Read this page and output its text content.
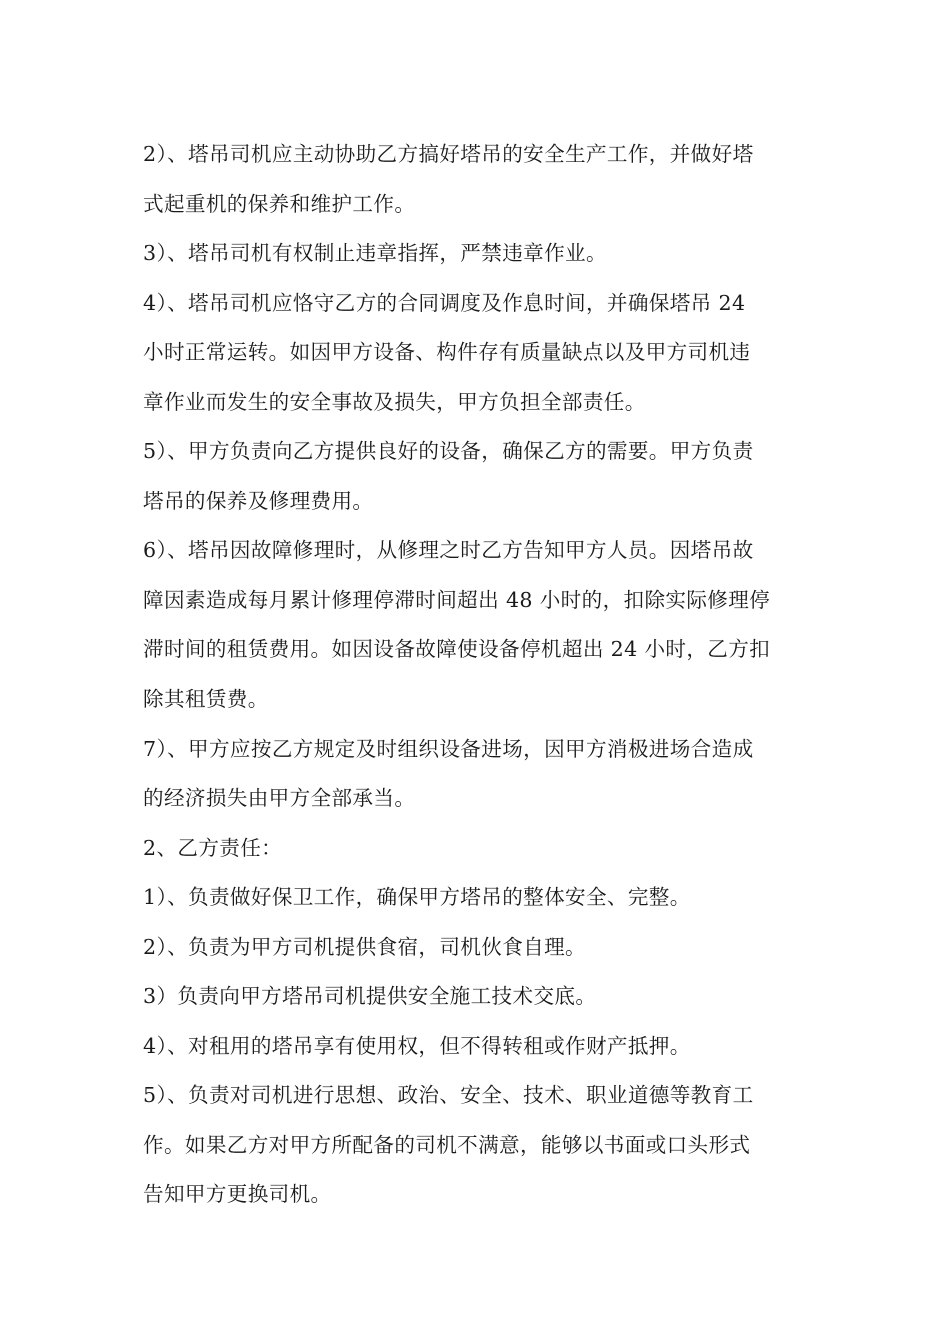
2）、塔吊司机应主动协助乙方搞好塔吊的安全生产工作，并做好塔
式起重机的保养和维护工作。
3）、塔吊司机有权制止违章指挥，严禁违章作业。
4）、塔吊司机应恪守乙方的合同调度及作息时间，并确保塔吊 24
小时正常运转。如因甲方设备、构件存有质量缺点以及甲方司机违
章作业而发生的安全事故及损失，甲方负担全部责任。
5）、甲方负责向乙方提供良好的设备，确保乙方的需要。甲方负责
塔吊的保养及修理费用。
6）、塔吊因故障修理时，从修理之时乙方告知甲方人员。因塔吊故
障因素造成每月累计修理停滞时间超出 48 小时的，扣除实际修理停
滞时间的租赁费用。如因设备故障使设备停机超出 24 小时，乙方扣
除其租赁费。
7）、甲方应按乙方规定及时组织设备进场，因甲方消极进场合造成
的经济损失由甲方全部承当。
2、乙方责任：
1）、负责做好保卫工作，确保甲方塔吊的整体安全、完整。
2）、负责为甲方司机提供食宿，司机伙食自理。
3）负责向甲方塔吊司机提供安全施工技术交底。
4）、对租用的塔吊享有使用权，但不得转租或作财产抵押。
5）、负责对司机进行思想、政治、安全、技术、职业道德等教育工
作。如果乙方对甲方所配备的司机不满意，能够以书面或口头形式
告知甲方更换司机。
